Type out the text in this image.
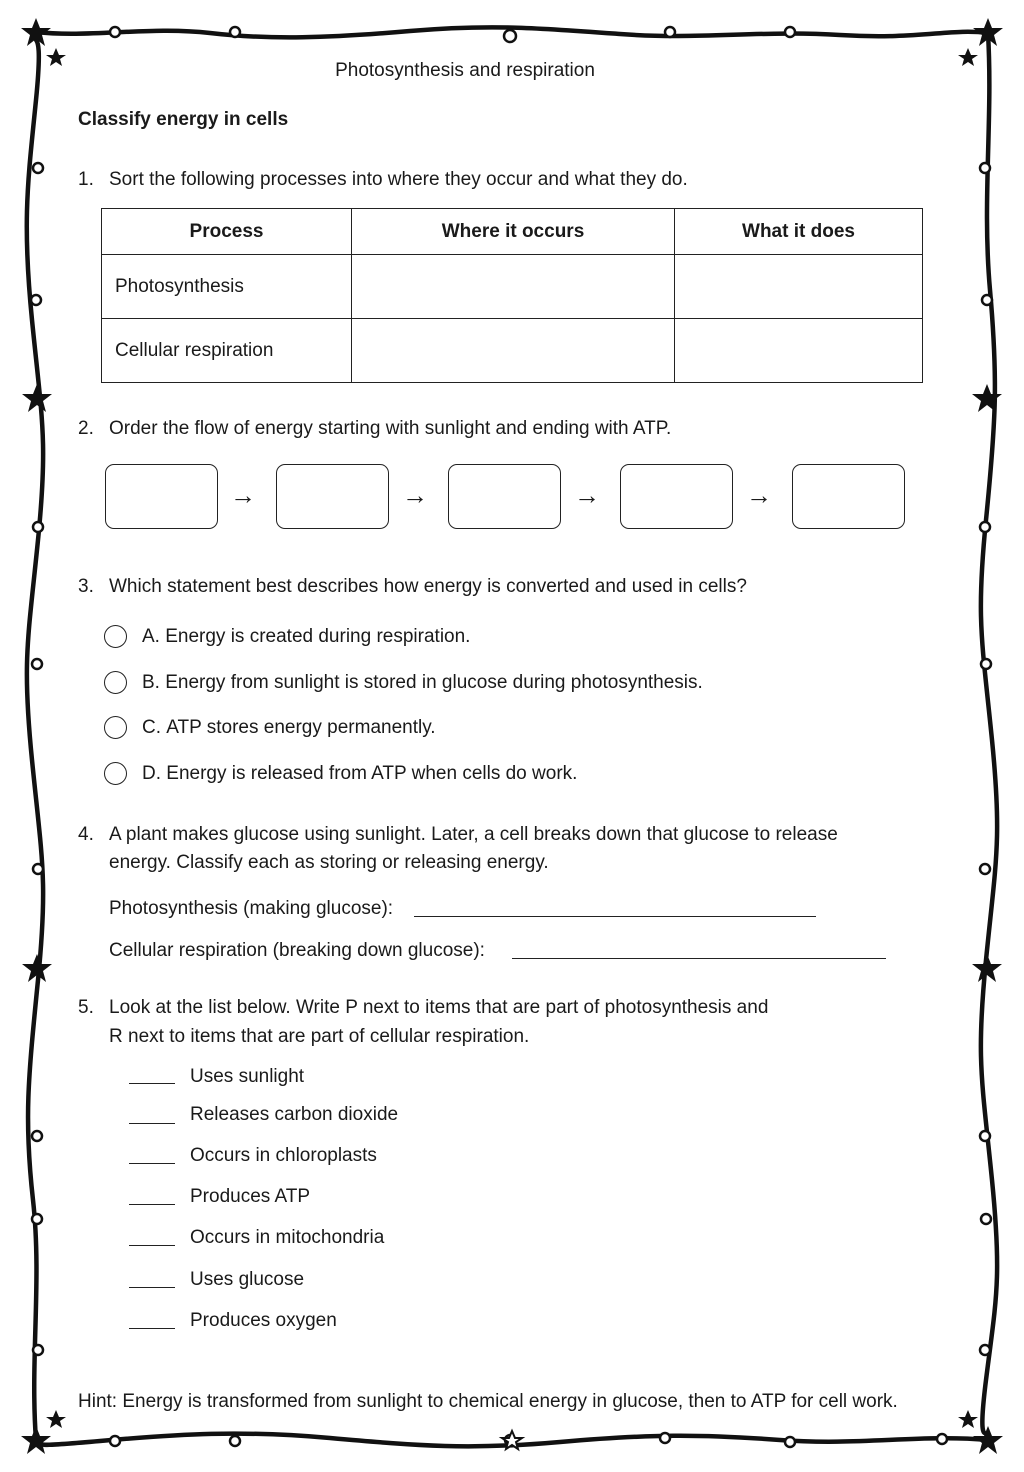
Photosynthesis and respiration
Classify energy in cells
1. Sort the following processes into where they occur and what they do.
Process	Where it occurs	What it does
Photosynthesis		
Cellular respiration		
2. Order the flow of energy starting with sunlight and ending with ATP.
→	→	→	→
3. Which statement best describes how energy is converted and used in cells?
A. Energy is created during respiration.
B. Energy from sunlight is stored in glucose during photosynthesis.
C. ATP stores energy permanently.
D. Energy is released from ATP when cells do work.
4. A plant makes glucose using sunlight. Later, a cell breaks down that glucose to release
energy. Classify each as storing or releasing energy.
Photosynthesis (making glucose):
Cellular respiration (breaking down glucose):
5. Look at the list below. Write P next to items that are part of photosynthesis and
R next to items that are part of cellular respiration.
Uses sunlight
Releases carbon dioxide
Occurs in chloroplasts
Produces ATP
Occurs in mitochondria
Uses glucose
Produces oxygen
Hint: Energy is transformed from sunlight to chemical energy in glucose, then to ATP for cell work.
